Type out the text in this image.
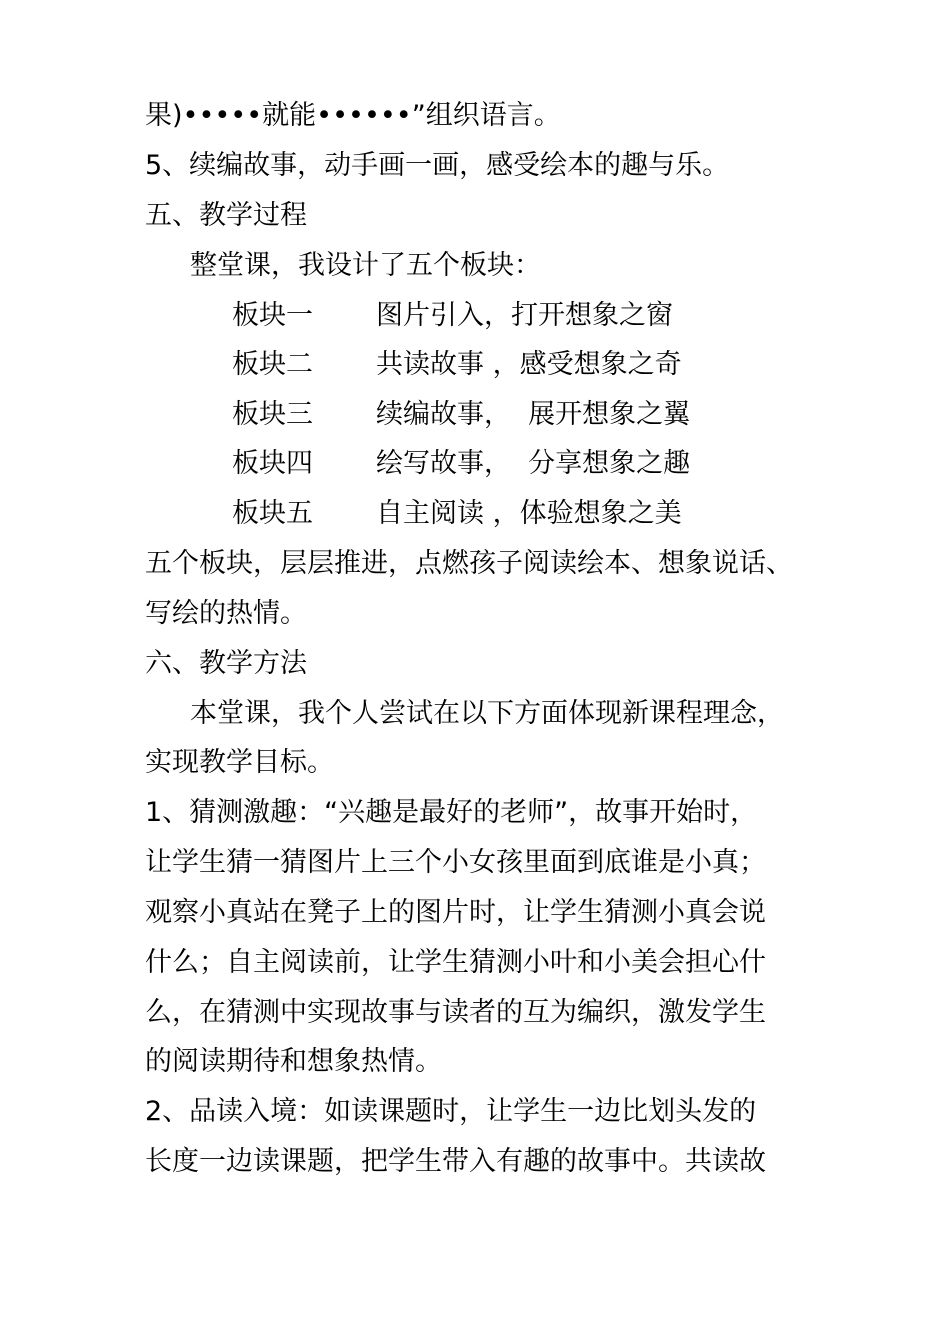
果)•••••就能••••••”组织语言。
5、续编故事，动手画一画，感受绘本的趣与乐。
五、教学过程
整堂课，我设计了五个板块：
板块一 图片引入，打开想象之窗
板块二 共读故事 ，感受想象之奇
板块三 续编故事，  展开想象之翼
板块四 绘写故事，  分享想象之趣
板块五 自主阅读 ，体验想象之美
五个板块，层层推进，点燃孩子阅读绘本、想象说话、
写绘的热情。
六、教学方法
本堂课，我个人尝试在以下方面体现新课程理念，
实现教学目标。
1、猜测激趣：“兴趣是最好的老师”，故事开始时，
让学生猜一猜图片上三个小女孩里面到底谁是小真；
观察小真站在凳子上的图片时，让学生猜测小真会说
什么；自主阅读前，让学生猜测小叶和小美会担心什
么，在猜测中实现故事与读者的互为编织，激发学生
的阅读期待和想象热情。
2、品读入境：如读课题时，让学生一边比划头发的
长度一边读课题，把学生带入有趣的故事中。共读故
